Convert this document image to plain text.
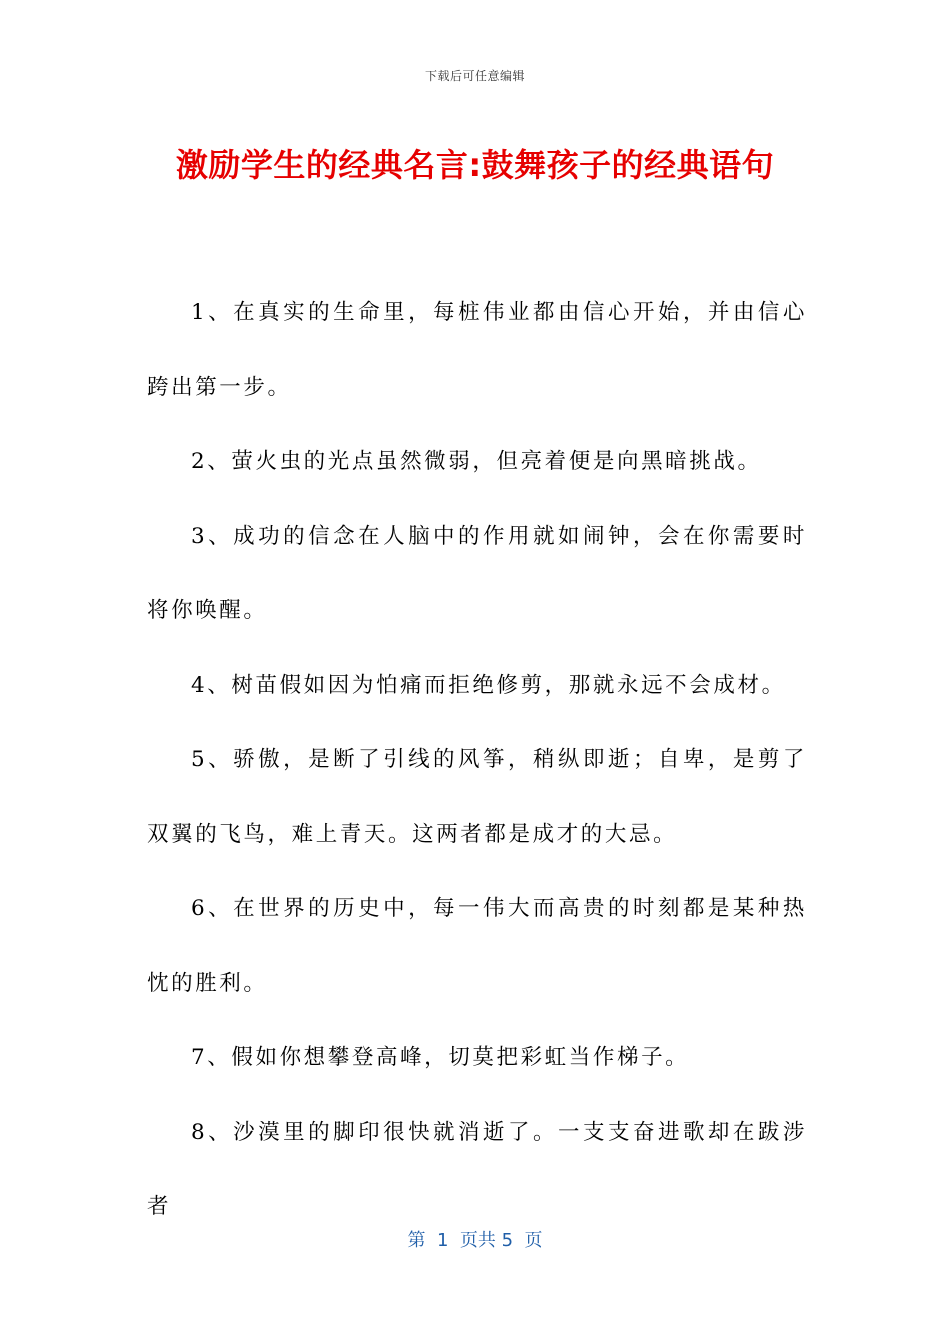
下载后可任意编辑
激励学生的经典名言:鼓舞孩子的经典语句

1、在真实的生命里，每桩伟业都由信心开始，并由信心跨出第一步。

2、萤火虫的光点虽然微弱，但亮着便是向黑暗挑战。

3、成功的信念在人脑中的作用就如闹钟，会在你需要时将你唤醒。

4、树苗假如因为怕痛而拒绝修剪，那就永远不会成材。

5、骄傲，是断了引线的风筝，稍纵即逝；自卑，是剪了双翼的飞鸟，难上青天。这两者都是成才的大忌。

6、在世界的历史中，每一伟大而高贵的时刻都是某种热忱的胜利。

7、假如你想攀登高峰，切莫把彩虹当作梯子。

8、沙漠里的脚印很快就消逝了。一支支奋进歌却在跋涉者

第  1  页共 5  页
